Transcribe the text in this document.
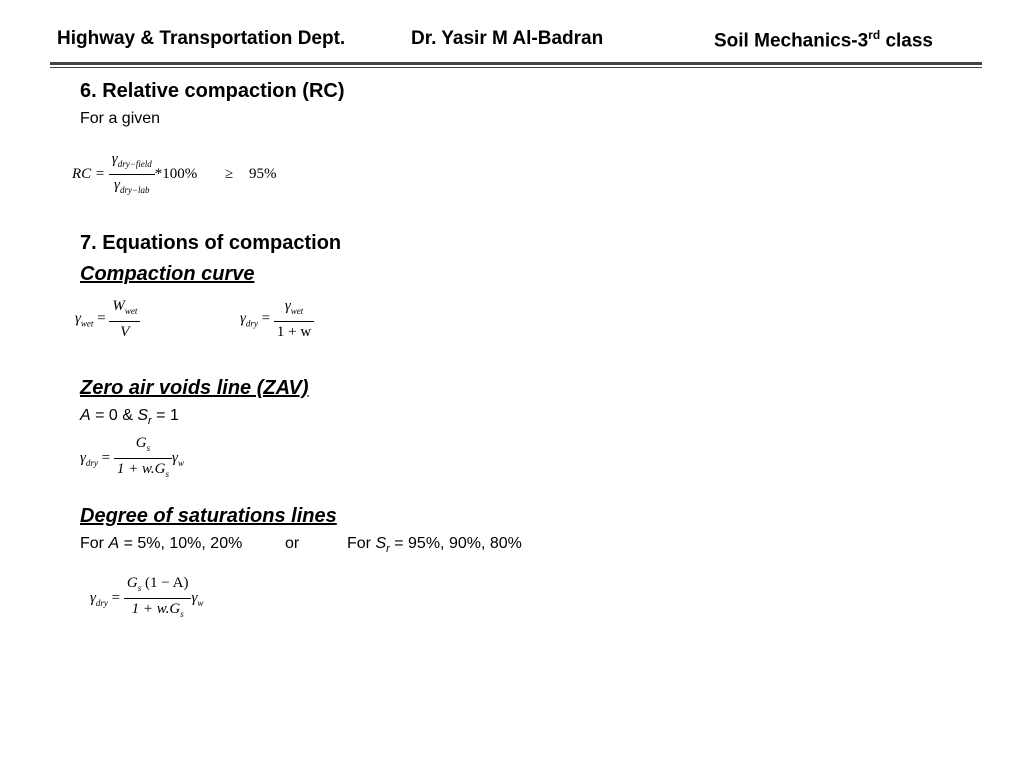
Highway & Transportation Dept.	Dr. Yasir M Al-Badran	Soil Mechanics-3rd class
6. Relative compaction (RC)
For a given
RC = $\frac{\gamma_{dry-field}}{\gamma_{dry-lab}} *100\% \ge 95\%$
7. Equations of compaction
Compaction curve
$\gamma_{wet} = \frac{W_{wet}}{V}$	$\gamma_{dry} = \frac{\gamma_{wet}}{1 + w}$
Zero air voids line (ZAV)
A = 0 & $S_r = 1$
$\gamma_{dry} = \frac{G_s}{1 + w.G_s} \gamma_w$
Degree of saturations lines
For A = 5%, 10%, 20%	or	For $S_r = 95\%$, 90%, 80%
$\gamma_{dry} = \frac{G_s (1 - A)}{1 + w.G_s} \gamma_w$
